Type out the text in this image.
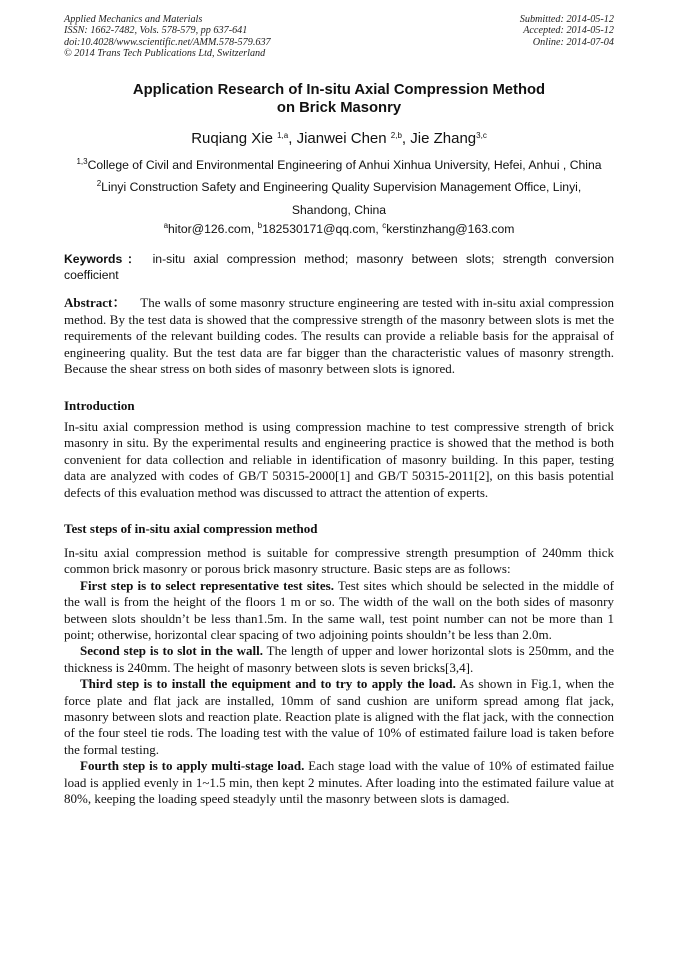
Applied Mechanics and Materials
ISSN: 1662-7482, Vols. 578-579, pp 637-641
doi:10.4028/www.scientific.net/AMM.578-579.637
© 2014 Trans Tech Publications Ltd, Switzerland
Submitted: 2014-05-12
Accepted: 2014-05-12
Online: 2014-07-04
Application Research of In-situ Axial Compression Method
on Brick Masonry
Ruqiang Xie $^{1,a}$, Jianwei Chen $^{2,b}$, Jie Zhang$^{3,c}$
$^{1,3}$College of Civil and Environmental Engineering of Anhui Xinhua University, Hefei, Anhui , China
$^2$Linyi Construction Safety and Engineering Quality Supervision Management Office, Linyi,
Shandong, China
$^a$hitor@126.com, $^b$182530171@qq.com, $^c$kerstinzhang@163.com
Keywords： in-situ axial compression method; masonry between slots; strength conversion coefficient
Abstract： The walls of some masonry structure engineering are tested with in-situ axial compression method. By the test data is showed that the compressive strength of the masonry between slots is met the requirements of the relevant building codes. The results can provide a reliable basis for the appraisal of engineering quality. But the test data are far bigger than the characteristic values of masonry strength. Because the shear stress on both sides of masonry between slots is ignored.
Introduction
In-situ axial compression method is using compression machine to test compressive strength of brick masonry in situ. By the experimental results and engineering practice is showed that the method is both convenient for data collection and reliable in identification of masonry building. In this paper, testing data are analyzed with codes of GB/T 50315-2000[1] and GB/T 50315-2011[2], on this basis potential defects of this evaluation method was discussed to attract the attention of experts.
Test steps of in-situ axial compression method

In-situ axial compression method is suitable for compressive strength presumption of 240mm thick common brick masonry or porous brick masonry structure. Basic steps are as follows:

First step is to select representative test sites. Test sites which should be selected in the middle of the wall is from the height of the floors 1 m or so. The width of the wall on the both sides of masonry between slots shouldn’t be less than1.5m. In the same wall, test point number can not be more than 1 point; otherwise, horizontal clear spacing of two adjoining points shouldn’t be less than 2.0m.

Second step is to slot in the wall. The length of upper and lower horizontal slots is 250mm, and the thickness is 240mm. The height of masonry between slots is seven bricks[3,4].

Third step is to install the equipment and to try to apply the load. As shown in Fig.1, when the force plate and flat jack are installed, 10mm of sand cushion are uniform spread among flat jack, masonry between slots and reaction plate. Reaction plate is aligned with the flat jack, with the connection of the four steel tie rods. The loading test with the value of 10% of estimated failure load is taken before the formal testing.

Fourth step is to apply multi-stage load. Each stage load with the value of 10% of estimated failue load is applied evenly in 1~1.5 min, then kept 2 minutes. After loading into the estimated failure value at 80%, keeping the loading speed steadyly until the masonry between slots is damaged.
